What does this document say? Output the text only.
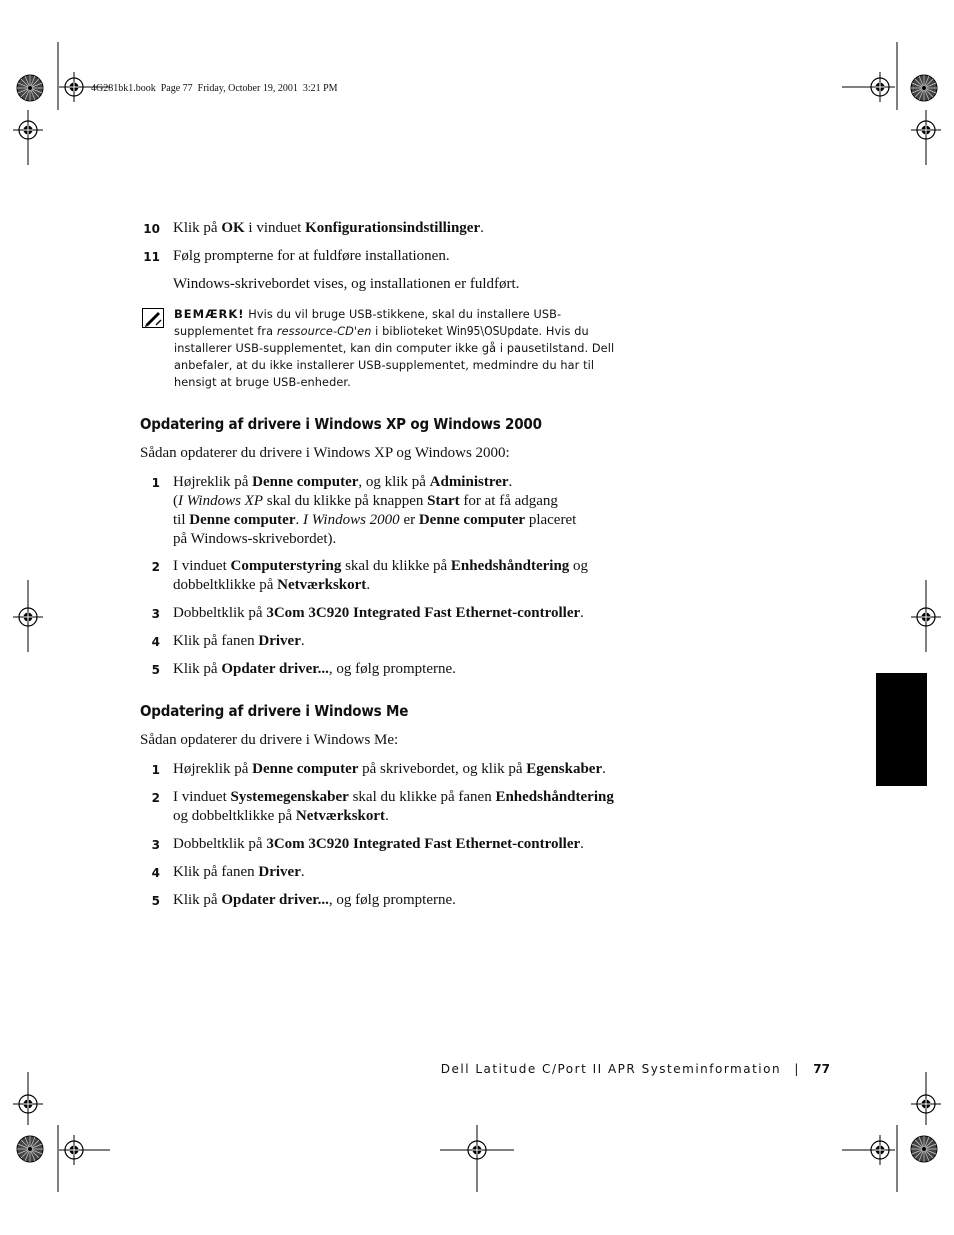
4G281bk1.book  Page 77  Friday, October 19, 2001  3:21 PM
10 Klik på OK i vinduet Konfigurationsindstillinger.
11 Følg prompterne for at fuldføre installationen.
Windows-skrivebordet vises, og installationen er fuldført.
BEMÆRK! Hvis du vil bruge USB-stikkene, skal du installere USB-supplementet fra ressource-CD'en i biblioteket Win95\OSUpdate. Hvis du installerer USB-supplementet, kan din computer ikke gå i pausetilstand. Dell anbefaler, at du ikke installerer USB-supplementet, medmindre du har til hensigt at bruge USB-enheder.
Opdatering af drivere i Windows XP og Windows 2000
Sådan opdaterer du drivere i Windows XP og Windows 2000:
1 Højreklik på Denne computer, og klik på Administrer.
(I Windows XP skal du klikke på knappen Start for at få adgang
til Denne computer. I Windows 2000 er Denne computer placeret
på Windows-skrivebordet).
2 I vinduet Computerstyring skal du klikke på Enhedshåndtering og
dobbeltklikke på Netværkskort.
3 Dobbeltklik på 3Com 3C920 Integrated Fast Ethernet-controller.
4 Klik på fanen Driver.
5 Klik på Opdater driver..., og følg prompterne.
Opdatering af drivere i Windows Me
Sådan opdaterer du drivere i Windows Me:
1 Højreklik på Denne computer på skrivebordet, og klik på Egenskaber.
2 I vinduet Systemegenskaber skal du klikke på fanen Enhedshåndtering
og dobbeltklikke på Netværkskort.
3 Dobbeltklik på 3Com 3C920 Integrated Fast Ethernet-controller.
4 Klik på fanen Driver.
5 Klik på Opdater driver..., og følg prompterne.
Dell Latitude C/Port II APR Systeminformation | 77
